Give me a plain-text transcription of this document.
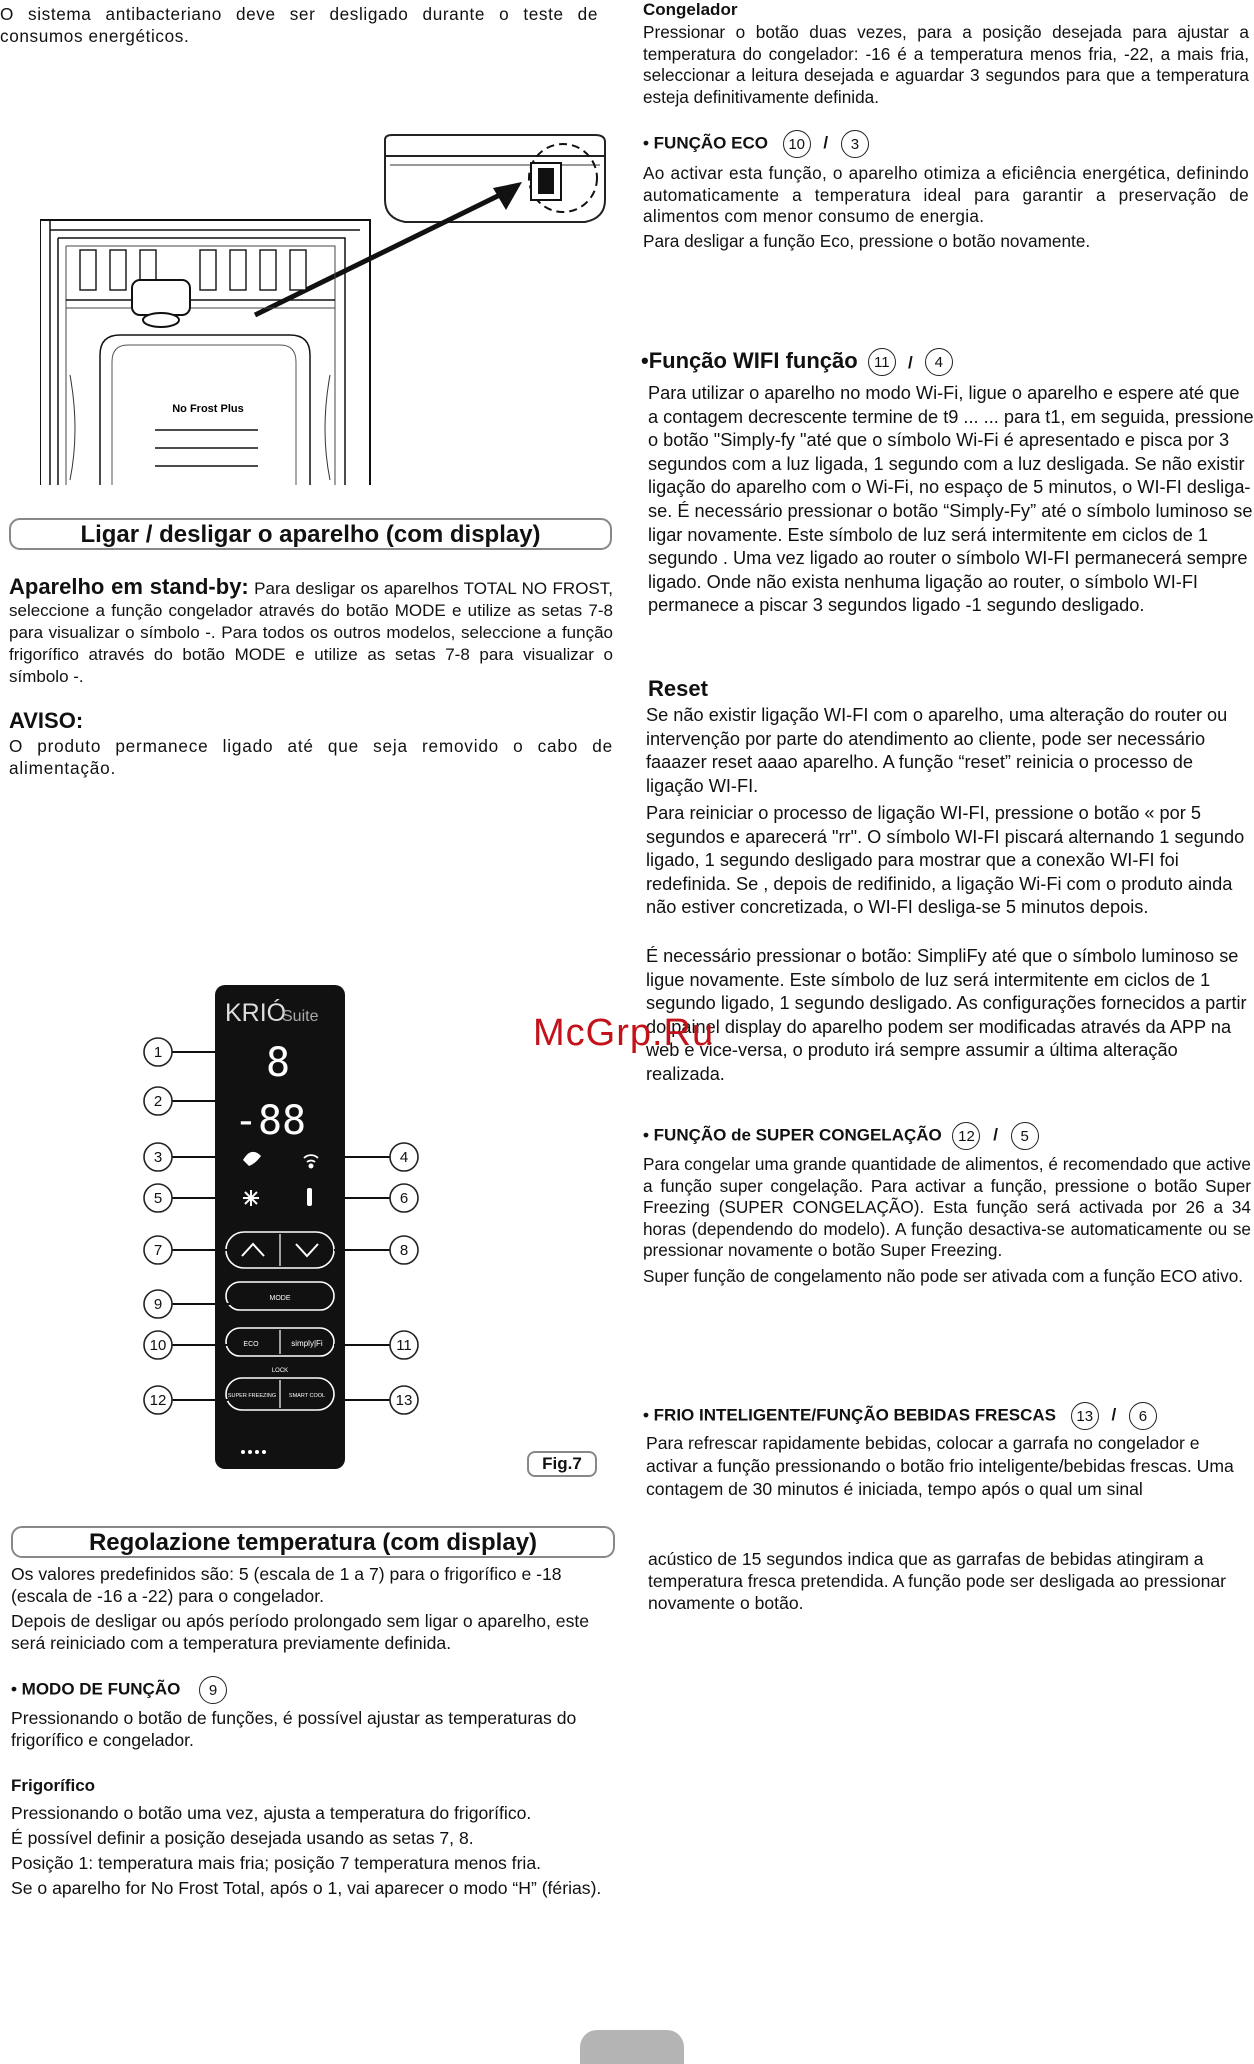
O sistema antibacteriano deve ser desligado durante o teste de consumos energéticos.

Congelador

Pressionar o botão duas vezes, para a posição desejada para ajustar a temperatura do congelador: -16 é a temperatura menos fria, -22, a mais fria, seleccionar a leitura desejada e aguardar 3 segundos para que a temperatura esteja definitivamente definida.

• FUNÇÃO ECO 10 / 3

Ao activar esta função, o aparelho otimiza a eficiência energética, definindo automaticamente a temperatura ideal para garantir a preservação de alimentos com menor consumo de energia.

Para desligar a função Eco, pressione o botão novamente.

No Frost Plus
•Função WIFI função 11 / 4

Para utilizar o aparelho no modo Wi-Fi, ligue o aparelho e espere até que a contagem decrescente termine de t9 ... ... para t1, em seguida, pressione o botão "Simply-fy "até que o símbolo Wi-Fi é apresentado e pisca por 3 segundos com a luz ligada, 1 segundo com a luz desligada. Se não existir ligação do aparelho com o Wi-Fi, no espaço de 5 minutos, o WI-FI desliga-se. É necessário pressionar o botão “Simply-Fy” até o símbolo luminoso se ligar novamente. Este símbolo de luz será intermitente em ciclos de 1 segundo . Uma vez ligado ao router o símbolo WI-FI permanecerá sempre ligado. Onde não exista nenhuma ligação ao router, o símbolo WI-FI permanece a piscar 3 segundos ligado -1 segundo desligado.

Reset

Se não existir ligação WI-FI com o aparelho, uma alteração do router ou intervenção por parte do atendimento ao cliente, pode ser necessário faaazer reset aaao aparelho. A função “reset” reinicia o processo de ligação WI-FI.

Para reiniciar o processo de ligação WI-FI, pressione o botão « por 5 segundos e aparecerá "rr". O símbolo WI-FI piscará alternando 1 segundo ligado, 1 segundo desligado para mostrar que a conexão WI-FI foi redefinida. Se , depois de redifinido, a ligação Wi-Fi com o produto ainda não estiver concretizada, o WI-FI desliga-se 5 minutos depois.

É necessário pressionar o botão: SimpliFy até que o símbolo luminoso se ligue novamente. Este símbolo de luz será intermitente em ciclos de 1 segundo ligado, 1 segundo desligado. As configurações fornecidos a partir do painel display do aparelho podem ser modificadas através da APP na web e vice-versa, o produto irá sempre assumir a última alteração realizada.

McGrp.Ru

Ligar / desligar o aparelho (com display)

Aparelho em stand-by: Para desligar os aparelhos TOTAL NO FROST, seleccione a função congelador através do botão MODE e utilize as setas 7-8 para visualizar o símbolo -. Para todos os outros modelos, seleccione a função frigorífico através do botão MODE e utilize as setas 7-8 para visualizar o símbolo -.

AVISO:

O produto permanece ligado até que seja removido o cabo de alimentação.

KRIÓ
Suite
8
-88
MODE
ECO	simply|Fi
LOCK
SUPER FREEZING SMART COOL
1
2
3
5
7
9
10
12
4
6
8
11
13
Fig.7
• FUNÇÃO de SUPER CONGELAÇÃO 12 / 5

Para congelar uma grande quantidade de alimentos, é recomendado que active a função super congelação. Para activar a função, pressione o botão Super Freezing (SUPER CONGELAÇÃO). Esta função será activada por 26 a 34 horas (dependendo do modelo). A função desactiva-se automaticamente ou se pressionar novamente o botão Super Freezing.

Super função de congelamento não pode ser ativada com a função ECO ativo.

• FRIO INTELIGENTE/FUNÇÃO BEBIDAS FRESCAS 13 / 6

Para refrescar rapidamente bebidas, colocar a garrafa no congelador e activar a função pressionando o botão frio inteligente/bebidas frescas. Uma contagem de 30 minutos é iniciada, tempo após o qual um sinal

acústico de 15 segundos indica que as garrafas de bebidas atingiram a temperatura fresca pretendida. A função pode ser desligada ao pressionar novamente o botão.

Regolazione temperatura (com display)

Os valores predefinidos são: 5 (escala de 1 a 7) para o frigorífico e -18 (escala de -16 a -22) para o congelador.

Depois de desligar ou após período prolongado sem ligar o aparelho, este será reiniciado com a temperatura previamente definida.

• MODO DE FUNÇÃO 9

Pressionando o botão de funções, é possível ajustar as temperaturas do frigorífico e congelador.

Frigorífico

Pressionando o botão uma vez, ajusta a temperatura do frigorífico.

É possível definir a posição desejada usando as setas 7, 8.

Posição 1: temperatura mais fria; posição 7 temperatura menos fria.

Se o aparelho for No Frost Total, após o 1, vai aparecer o modo “H” (férias).
